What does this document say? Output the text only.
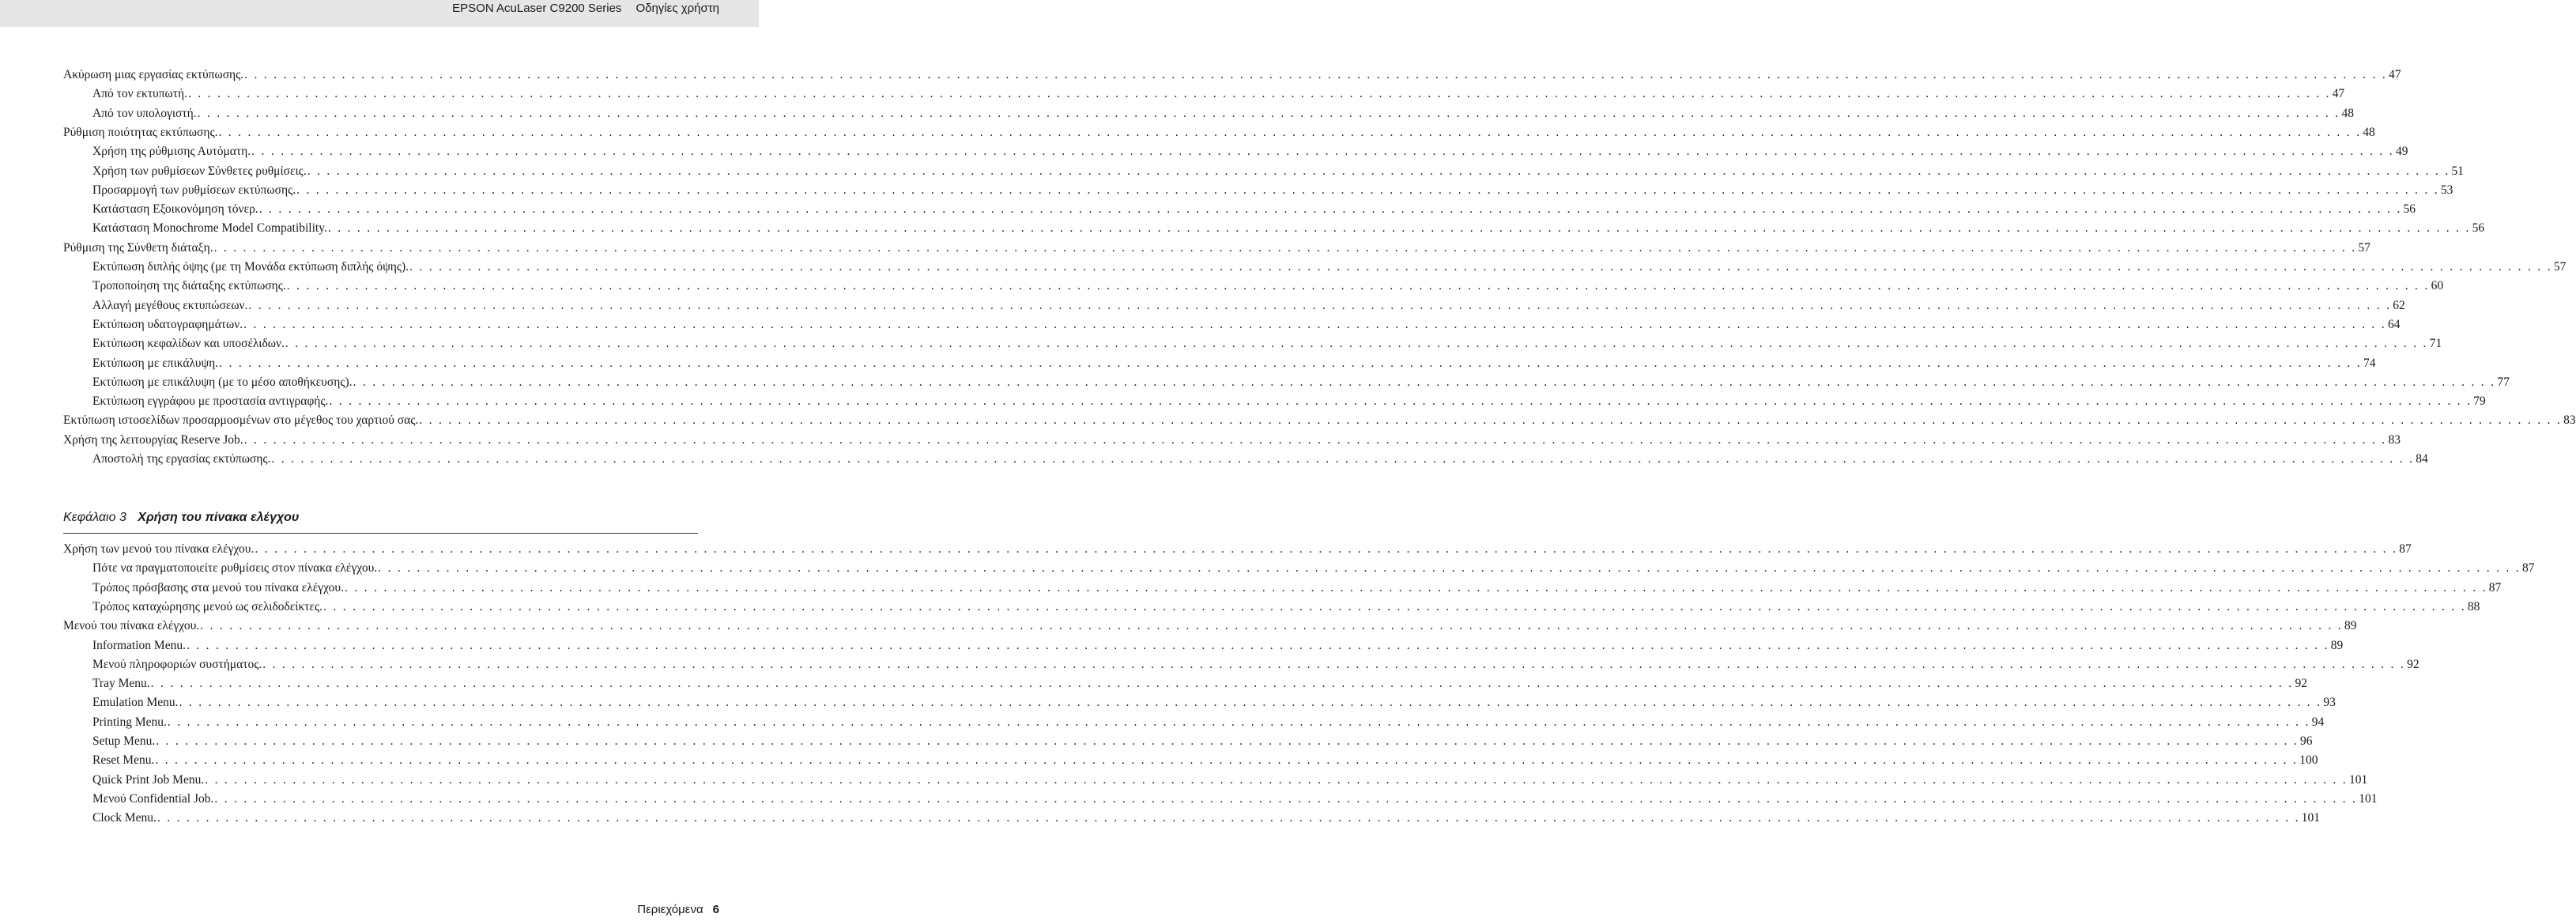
EPSON AcuLaser C9200 Series Οδηγίες χρήστη
Ακύρωση μιας εργασίας εκτύπωσης. . . . . . . . . . . . . . . . . . . . . . . . . . . . . . . . . . . . . . . . . . . . . . . . . . . . . . . . . . . . . . . . . . . . . . . . . . . . . . . . . . . . . . . . . . . . . . . . . . . . . . . . . . . . . . . . . . . . . . . . . . . . . . . . . . . . . . . . . . . . . . . . . . . . . . . . . . . . . . . . . . . . . . . . . . . . . . . . . . . . . . . . . . . . . . . . . . . . . . . . . . . . . . . . . . . . . . . . . . . . . 47
Από τον εκτυπωτή. . . . . . . . . . . . . . . . . . . . . . . . . . . . . . . . . . . . . . . . . . . . . . . . . . . . . . . . . . . . . . . . . . . . . . . . . . . . . . . . . . . . . . . . . . . . . . . . . . . . . . . . . . . . . . . . . . . . . . . . . . . . . . . . . . . . . . . . . . . . . . . . . . . . . . . . . . . . . . . . . . . . . . . . . . . . . . . . . . . . . . . . . . . . . . . . . . . . . . . . . . . . . . . . . . . . . . . . . . . . . 47
Από τον υπολογιστή. . . . . . . . . . . . . . . . . . . . . . . . . . . . . . . . . . . . . . . . . . . . . . . . . . . . . . . . . . . . . . . . . . . . . . . . . . . . . . . . . . . . . . . . . . . . . . . . . . . . . . . . . . . . . . . . . . . . . . . . . . . . . . . . . . . . . . . . . . . . . . . . . . . . . . . . . . . . . . . . . . . . . . . . . . . . . . . . . . . . . . . . . . . . . . . . . . . . . . . . . . . . . . . . . . . . . . . . . . . . . 48
Ρύθμιση ποιότητας εκτύπωσης. . . . . . . . . . . . . . . . . . . . . . . . . . . . . . . . . . . . . . . . . . . . . . . . . . . . . . . . . . . . . . . . . . . . . . . . . . . . . . . . . . . . . . . . . . . . . . . . . . . . . . . . . . . . . . . . . . . . . . . . . . . . . . . . . . . . . . . . . . . . . . . . . . . . . . . . . . . . . . . . . . . . . . . . . . . . . . . . . . . . . . . . . . . . . . . . . . . . . . . . . . . . . . . . . . . . . . . . . . . . . 48
Χρήση της ρύθμισης Αυτόματη. . . . . . . . . . . . . . . . . . . . . . . . . . . . . . . . . . . . . . . . . . . . . . . . . . . . . . . . . . . . . . . . . . . . . . . . . . . . . . . . . . . . . . . . . . . . . . . . . . . . . . . . . . . . . . . . . . . . . . . . . . . . . . . . . . . . . . . . . . . . . . . . . . . . . . . . . . . . . . . . . . . . . . . . . . . . . . . . . . . . . . . . . . . . . . . . . . . . . . . . . . . . . . . . . . . . . . . . . . . . . 49
Χρήση των ρυθμίσεων Σύνθετες ρυθμίσεις. . . . . . . . . . . . . . . . . . . . . . . . . . . . . . . . . . . . . . . . . . . . . . . . . . . . . . . . . . . . . . . . . . . . . . . . . . . . . . . . . . . . . . . . . . . . . . . . . . . . . . . . . . . . . . . . . . . . . . . . . . . . . . . . . . . . . . . . . . . . . . . . . . . . . . . . . . . . . . . . . . . . . . . . . . . . . . . . . . . . . . . . . . . . . . . . . . . . . . . . . . . . . . . . . . . . . . . . . . . . . 51
Προσαρμογή των ρυθμίσεων εκτύπωσης. . . . . . . . . . . . . . . . . . . . . . . . . . . . . . . . . . . . . . . . . . . . . . . . . . . . . . . . . . . . . . . . . . . . . . . . . . . . . . . . . . . . . . . . . . . . . . . . . . . . . . . . . . . . . . . . . . . . . . . . . . . . . . . . . . . . . . . . . . . . . . . . . . . . . . . . . . . . . . . . . . . . . . . . . . . . . . . . . . . . . . . . . . . . . . . . . . . . . . . . . . . . . . . . . . . . . . . . . . . . . 53
Κατάσταση Εξοικονόμηση τόνερ. . . . . . . . . . . . . . . . . . . . . . . . . . . . . . . . . . . . . . . . . . . . . . . . . . . . . . . . . . . . . . . . . . . . . . . . . . . . . . . . . . . . . . . . . . . . . . . . . . . . . . . . . . . . . . . . . . . . . . . . . . . . . . . . . . . . . . . . . . . . . . . . . . . . . . . . . . . . . . . . . . . . . . . . . . . . . . . . . . . . . . . . . . . . . . . . . . . . . . . . . . . . . . . . . . . . . . . . . . . . . 56
Κατάσταση Monochrome Model Compatibility. . . . . . . . . . . . . . . . . . . . . . . . . . . . . . . . . . . . . . . . . . . . . . . . . . . . . . . . . . . . . . . . . . . . . . . . . . . . . . . . . . . . . . . . . . . . . . . . . . . . . . . . . . . . . . . . . . . . . . . . . . . . . . . . . . . . . . . . . . . . . . . . . . . . . . . . . . . . . . . . . . . . . . . . . . . . . . . . . . . . . . . . . . . . . . . . . . . . . . . . . . . . . . . . . . . . . . . . . . . . . 56
Ρύθμιση της Σύνθετη διάταξη. . . . . . . . . . . . . . . . . . . . . . . . . . . . . . . . . . . . . . . . . . . . . . . . . . . . . . . . . . . . . . . . . . . . . . . . . . . . . . . . . . . . . . . . . . . . . . . . . . . . . . . . . . . . . . . . . . . . . . . . . . . . . . . . . . . . . . . . . . . . . . . . . . . . . . . . . . . . . . . . . . . . . . . . . . . . . . . . . . . . . . . . . . . . . . . . . . . . . . . . . . . . . . . . . . . . . . . . . . . . . 57
Εκτύπωση διπλής όψης (με τη Μονάδα εκτύπωση διπλής όψης). . . . . . . . . . . . . . . . . . . . . . . . . . . . . . . . . . . . . . . . . . . . . . . . . . . . . . . . . . . . . . . . . . . . . . . . . . . . . . . . . . . . . . . . . . . . . . . . . . . . . . . . . . . . . . . . . . . . . . . . . . . . . . . . . . . . . . . . . . . . . . . . . . . . . . . . . . . . . . . . . . . . . . . . . . . . . . . . . . . . . . . . . . . . . . . . . . . . . . . . . . . . . . . . . . . . . . . . . . . . . 57
Τροποποίηση της διάταξης εκτύπωσης. . . . . . . . . . . . . . . . . . . . . . . . . . . . . . . . . . . . . . . . . . . . . . . . . . . . . . . . . . . . . . . . . . . . . . . . . . . . . . . . . . . . . . . . . . . . . . . . . . . . . . . . . . . . . . . . . . . . . . . . . . . . . . . . . . . . . . . . . . . . . . . . . . . . . . . . . . . . . . . . . . . . . . . . . . . . . . . . . . . . . . . . . . . . . . . . . . . . . . . . . . . . . . . . . . . . . . . . . . . . . 60
Αλλαγή μεγέθους εκτυπώσεων. . . . . . . . . . . . . . . . . . . . . . . . . . . . . . . . . . . . . . . . . . . . . . . . . . . . . . . . . . . . . . . . . . . . . . . . . . . . . . . . . . . . . . . . . . . . . . . . . . . . . . . . . . . . . . . . . . . . . . . . . . . . . . . . . . . . . . . . . . . . . . . . . . . . . . . . . . . . . . . . . . . . . . . . . . . . . . . . . . . . . . . . . . . . . . . . . . . . . . . . . . . . . . . . . . . . . . . . . . . . . 62
Εκτύπωση υδατογραφημάτων. . . . . . . . . . . . . . . . . . . . . . . . . . . . . . . . . . . . . . . . . . . . . . . . . . . . . . . . . . . . . . . . . . . . . . . . . . . . . . . . . . . . . . . . . . . . . . . . . . . . . . . . . . . . . . . . . . . . . . . . . . . . . . . . . . . . . . . . . . . . . . . . . . . . . . . . . . . . . . . . . . . . . . . . . . . . . . . . . . . . . . . . . . . . . . . . . . . . . . . . . . . . . . . . . . . . . . . . . . . . . 64
Εκτύπωση κεφαλίδων και υποσέλιδων. . . . . . . . . . . . . . . . . . . . . . . . . . . . . . . . . . . . . . . . . . . . . . . . . . . . . . . . . . . . . . . . . . . . . . . . . . . . . . . . . . . . . . . . . . . . . . . . . . . . . . . . . . . . . . . . . . . . . . . . . . . . . . . . . . . . . . . . . . . . . . . . . . . . . . . . . . . . . . . . . . . . . . . . . . . . . . . . . . . . . . . . . . . . . . . . . . . . . . . . . . . . . . . . . . . . . . . . . . . . . 71
Εκτύπωση με επικάλυψη. . . . . . . . . . . . . . . . . . . . . . . . . . . . . . . . . . . . . . . . . . . . . . . . . . . . . . . . . . . . . . . . . . . . . . . . . . . . . . . . . . . . . . . . . . . . . . . . . . . . . . . . . . . . . . . . . . . . . . . . . . . . . . . . . . . . . . . . . . . . . . . . . . . . . . . . . . . . . . . . . . . . . . . . . . . . . . . . . . . . . . . . . . . . . . . . . . . . . . . . . . . . . . . . . . . . . . . . . . . . . 74
Εκτύπωση με επικάλυψη (με το μέσο αποθήκευσης). . . . . . . . . . . . . . . . . . . . . . . . . . . . . . . . . . . . . . . . . . . . . . . . . . . . . . . . . . . . . . . . . . . . . . . . . . . . . . . . . . . . . . . . . . . . . . . . . . . . . . . . . . . . . . . . . . . . . . . . . . . . . . . . . . . . . . . . . . . . . . . . . . . . . . . . . . . . . . . . . . . . . . . . . . . . . . . . . . . . . . . . . . . . . . . . . . . . . . . . . . . . . . . . . . . . . . . . . . . . . 77
Εκτύπωση εγγράφου με προστασία αντιγραφής. . . . . . . . . . . . . . . . . . . . . . . . . . . . . . . . . . . . . . . . . . . . . . . . . . . . . . . . . . . . . . . . . . . . . . . . . . . . . . . . . . . . . . . . . . . . . . . . . . . . . . . . . . . . . . . . . . . . . . . . . . . . . . . . . . . . . . . . . . . . . . . . . . . . . . . . . . . . . . . . . . . . . . . . . . . . . . . . . . . . . . . . . . . . . . . . . . . . . . . . . . . . . . . . . . . . . . . . . . . . . 79
Εκτύπωση ιστοσελίδων προσαρμοσμένων στο μέγεθος του χαρτιού σας. . . . . . . . . . . . . . . . . . . . . . . . . . . . . . . . . . . . . . . . . . . . . . . . . . . . . . . . . . . . . . . . . . . . . . . . . . . . . . . . . . . . . . . . . . . . . . . . . . . . . . . . . . . . . . . . . . . . . . . . . . . . . . . . . . . . . . . . . . . . . . . . . . . . . . . . . . . . . . . . . . . . . . . . . . . . . . . . . . . . . . . . . . . . . . . . . . . . . . . . . . . . . . . . . . . . . . . . . . . . . 83
Χρήση της λειτουργίας Reserve Job. . . . . . . . . . . . . . . . . . . . . . . . . . . . . . . . . . . . . . . . . . . . . . . . . . . . . . . . . . . . . . . . . . . . . . . . . . . . . . . . . . . . . . . . . . . . . . . . . . . . . . . . . . . . . . . . . . . . . . . . . . . . . . . . . . . . . . . . . . . . . . . . . . . . . . . . . . . . . . . . . . . . . . . . . . . . . . . . . . . . . . . . . . . . . . . . . . . . . . . . . . . . . . . . . . . . . . . . . . . . . 83
Αποστολή της εργασίας εκτύπωσης. . . . . . . . . . . . . . . . . . . . . . . . . . . . . . . . . . . . . . . . . . . . . . . . . . . . . . . . . . . . . . . . . . . . . . . . . . . . . . . . . . . . . . . . . . . . . . . . . . . . . . . . . . . . . . . . . . . . . . . . . . . . . . . . . . . . . . . . . . . . . . . . . . . . . . . . . . . . . . . . . . . . . . . . . . . . . . . . . . . . . . . . . . . . . . . . . . . . . . . . . . . . . . . . . . . . . . . . . . . . . 84
Χρήση των μενού του πίνακα ελέγχου. . . . . . . . . . . . . . . . . . . . . . . . . . . . . . . . . . . . . . . . . . . . . . . . . . . . . . . . . . . . . . . . . . . . . . . . . . . . . . . . . . . . . . . . . . . . . . . . . . . . . . . . . . . . . . . . . . . . . . . . . . . . . . . . . . . . . . . . . . . . . . . . . . . . . . . . . . . . . . . . . . . . . . . . . . . . . . . . . . . . . . . . . . . . . . . . . . . . . . . . . . . . . . . . . . . . . . . . . . . . . 87
Πότε να πραγματοποιείτε ρυθμίσεις στον πίνακα ελέγχου. . . . . . . . . . . . . . . . . . . . . . . . . . . . . . . . . . . . . . . . . . . . . . . . . . . . . . . . . . . . . . . . . . . . . . . . . . . . . . . . . . . . . . . . . . . . . . . . . . . . . . . . . . . . . . . . . . . . . . . . . . . . . . . . . . . . . . . . . . . . . . . . . . . . . . . . . . . . . . . . . . . . . . . . . . . . . . . . . . . . . . . . . . . . . . . . . . . . . . . . . . . . . . . . . . . . . . . . . . . . . 87
Τρόπος πρόσβασης στα μενού του πίνακα ελέγχου. . . . . . . . . . . . . . . . . . . . . . . . . . . . . . . . . . . . . . . . . . . . . . . . . . . . . . . . . . . . . . . . . . . . . . . . . . . . . . . . . . . . . . . . . . . . . . . . . . . . . . . . . . . . . . . . . . . . . . . . . . . . . . . . . . . . . . . . . . . . . . . . . . . . . . . . . . . . . . . . . . . . . . . . . . . . . . . . . . . . . . . . . . . . . . . . . . . . . . . . . . . . . . . . . . . . . . . . . . . . . 87
Τρόπος καταχώρησης μενού ως σελιδοδείκτες. . . . . . . . . . . . . . . . . . . . . . . . . . . . . . . . . . . . . . . . . . . . . . . . . . . . . . . . . . . . . . . . . . . . . . . . . . . . . . . . . . . . . . . . . . . . . . . . . . . . . . . . . . . . . . . . . . . . . . . . . . . . . . . . . . . . . . . . . . . . . . . . . . . . . . . . . . . . . . . . . . . . . . . . . . . . . . . . . . . . . . . . . . . . . . . . . . . . . . . . . . . . . . . . . . . . . . . . . . . . . 88
Μενού του πίνακα ελέγχου. . . . . . . . . . . . . . . . . . . . . . . . . . . . . . . . . . . . . . . . . . . . . . . . . . . . . . . . . . . . . . . . . . . . . . . . . . . . . . . . . . . . . . . . . . . . . . . . . . . . . . . . . . . . . . . . . . . . . . . . . . . . . . . . . . . . . . . . . . . . . . . . . . . . . . . . . . . . . . . . . . . . . . . . . . . . . . . . . . . . . . . . . . . . . . . . . . . . . . . . . . . . . . . . . . . . . . . . . . . . . 89
Information Menu. . . . . . . . . . . . . . . . . . . . . . . . . . . . . . . . . . . . . . . . . . . . . . . . . . . . . . . . . . . . . . . . . . . . . . . . . . . . . . . . . . . . . . . . . . . . . . . . . . . . . . . . . . . . . . . . . . . . . . . . . . . . . . . . . . . . . . . . . . . . . . . . . . . . . . . . . . . . . . . . . . . . . . . . . . . . . . . . . . . . . . . . . . . . . . . . . . . . . . . . . . . . . . . . . . . . . . . . . . . . . 89
Μενού πληροφοριών συστήματος. . . . . . . . . . . . . . . . . . . . . . . . . . . . . . . . . . . . . . . . . . . . . . . . . . . . . . . . . . . . . . . . . . . . . . . . . . . . . . . . . . . . . . . . . . . . . . . . . . . . . . . . . . . . . . . . . . . . . . . . . . . . . . . . . . . . . . . . . . . . . . . . . . . . . . . . . . . . . . . . . . . . . . . . . . . . . . . . . . . . . . . . . . . . . . . . . . . . . . . . . . . . . . . . . . . . . . . . . . . . . 92
Tray Menu. . . . . . . . . . . . . . . . . . . . . . . . . . . . . . . . . . . . . . . . . . . . . . . . . . . . . . . . . . . . . . . . . . . . . . . . . . . . . . . . . . . . . . . . . . . . . . . . . . . . . . . . . . . . . . . . . . . . . . . . . . . . . . . . . . . . . . . . . . . . . . . . . . . . . . . . . . . . . . . . . . . . . . . . . . . . . . . . . . . . . . . . . . . . . . . . . . . . . . . . . . . . . . . . . . . . . . . . . . . . . 92
Emulation Menu. . . . . . . . . . . . . . . . . . . . . . . . . . . . . . . . . . . . . . . . . . . . . . . . . . . . . . . . . . . . . . . . . . . . . . . . . . . . . . . . . . . . . . . . . . . . . . . . . . . . . . . . . . . . . . . . . . . . . . . . . . . . . . . . . . . . . . . . . . . . . . . . . . . . . . . . . . . . . . . . . . . . . . . . . . . . . . . . . . . . . . . . . . . . . . . . . . . . . . . . . . . . . . . . . . . . . . . . . . . . . 93
Printing Menu. . . . . . . . . . . . . . . . . . . . . . . . . . . . . . . . . . . . . . . . . . . . . . . . . . . . . . . . . . . . . . . . . . . . . . . . . . . . . . . . . . . . . . . . . . . . . . . . . . . . . . . . . . . . . . . . . . . . . . . . . . . . . . . . . . . . . . . . . . . . . . . . . . . . . . . . . . . . . . . . . . . . . . . . . . . . . . . . . . . . . . . . . . . . . . . . . . . . . . . . . . . . . . . . . . . . . . . . . . . . . 94
Setup Menu. . . . . . . . . . . . . . . . . . . . . . . . . . . . . . . . . . . . . . . . . . . . . . . . . . . . . . . . . . . . . . . . . . . . . . . . . . . . . . . . . . . . . . . . . . . . . . . . . . . . . . . . . . . . . . . . . . . . . . . . . . . . . . . . . . . . . . . . . . . . . . . . . . . . . . . . . . . . . . . . . . . . . . . . . . . . . . . . . . . . . . . . . . . . . . . . . . . . . . . . . . . . . . . . . . . . . . . . . . . . . 96
Reset Menu. . . . . . . . . . . . . . . . . . . . . . . . . . . . . . . . . . . . . . . . . . . . . . . . . . . . . . . . . . . . . . . . . . . . . . . . . . . . . . . . . . . . . . . . . . . . . . . . . . . . . . . . . . . . . . . . . . . . . . . . . . . . . . . . . . . . . . . . . . . . . . . . . . . . . . . . . . . . . . . . . . . . . . . . . . . . . . . . . . . . . . . . . . . . . . . . . . . . . . . . . . . . . . . . . . . . . . . . . . . . . 100
Quick Print Job Menu. . . . . . . . . . . . . . . . . . . . . . . . . . . . . . . . . . . . . . . . . . . . . . . . . . . . . . . . . . . . . . . . . . . . . . . . . . . . . . . . . . . . . . . . . . . . . . . . . . . . . . . . . . . . . . . . . . . . . . . . . . . . . . . . . . . . . . . . . . . . . . . . . . . . . . . . . . . . . . . . . . . . . . . . . . . . . . . . . . . . . . . . . . . . . . . . . . . . . . . . . . . . . . . . . . . . . . . . . . . . . 101
Μενού Confidential Job. . . . . . . . . . . . . . . . . . . . . . . . . . . . . . . . . . . . . . . . . . . . . . . . . . . . . . . . . . . . . . . . . . . . . . . . . . . . . . . . . . . . . . . . . . . . . . . . . . . . . . . . . . . . . . . . . . . . . . . . . . . . . . . . . . . . . . . . . . . . . . . . . . . . . . . . . . . . . . . . . . . . . . . . . . . . . . . . . . . . . . . . . . . . . . . . . . . . . . . . . . . . . . . . . . . . . . . . . . . . . 101
Clock Menu. . . . . . . . . . . . . . . . . . . . . . . . . . . . . . . . . . . . . . . . . . . . . . . . . . . . . . . . . . . . . . . . . . . . . . . . . . . . . . . . . . . . . . . . . . . . . . . . . . . . . . . . . . . . . . . . . . . . . . . . . . . . . . . . . . . . . . . . . . . . . . . . . . . . . . . . . . . . . . . . . . . . . . . . . . . . . . . . . . . . . . . . . . . . . . . . . . . . . . . . . . . . . . . . . . . . . . . . . . . . . 101
Κεφάλαιο 3 Χρήση του πίνακα ελέγχου
Περιεχόμενα 6
